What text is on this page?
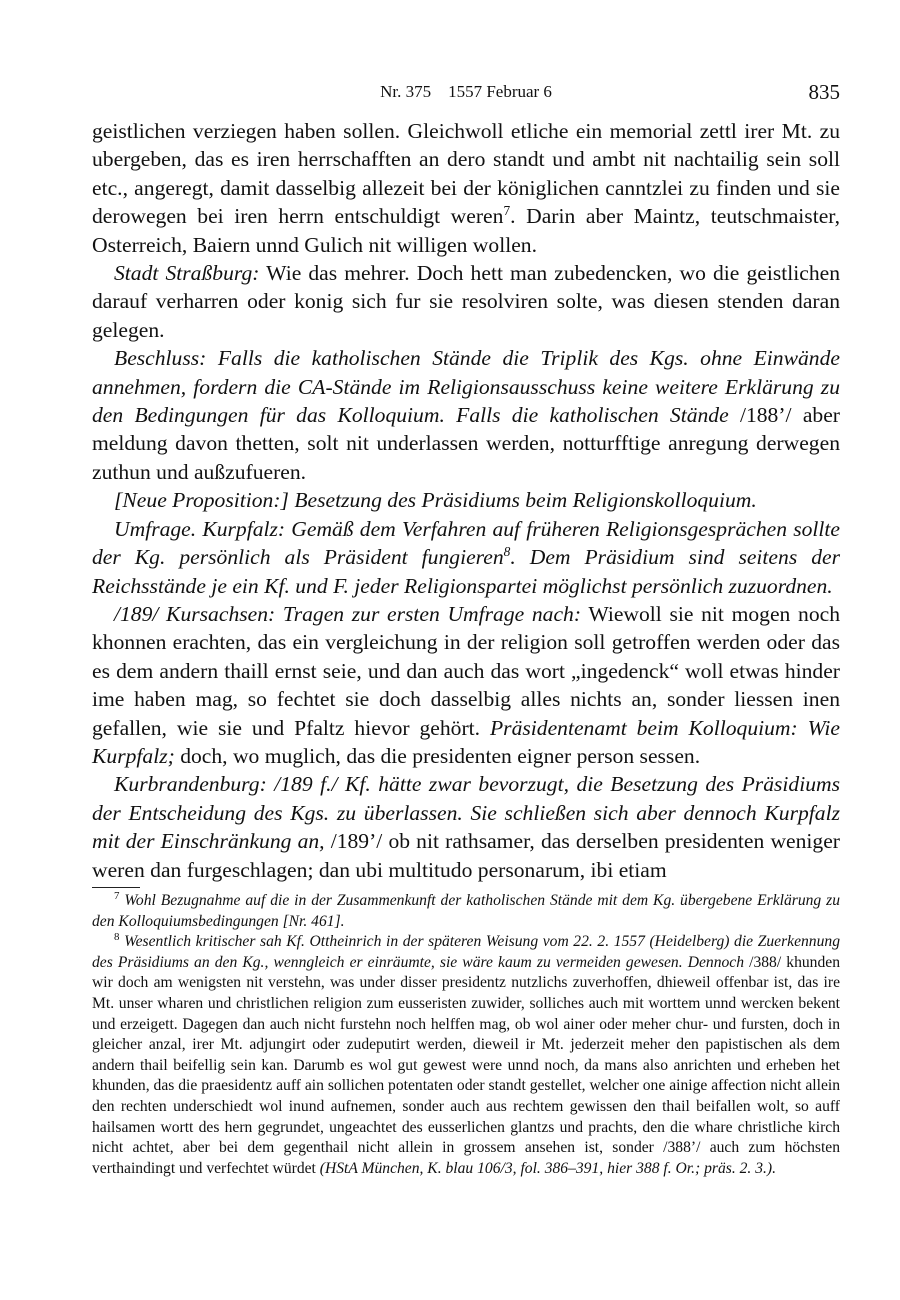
Nr. 375    1557 Februar 6	835

geistlichen verziegen haben sollen. Gleichwoll etliche ein memorial zettl irer Mt. zu ubergeben, das es iren herrschafften an dero standt und ambt nit nachtailig sein soll etc., angeregt, damit dasselbig allezeit bei der königlichen canntzlei zu finden und sie derowegen bei iren herrn entschuldigt weren$^7$. Darin aber Maintz, teutschmaister, Osterreich, Baiern unnd Gulich nit willigen wollen.

Stadt Straßburg: Wie das mehrer. Doch hett man zubedencken, wo die geistlichen darauf verharren oder konig sich fur sie resolviren solte, was diesen stenden daran gelegen.

Beschluss: Falls die katholischen Stände die Triplik des Kgs. ohne Einwände annehmen, fordern die CA-Stände im Religionsausschuss keine weitere Erklärung zu den Bedingungen für das Kolloquium. Falls die katholischen Stände /188’/ aber meldung davon thetten, solt nit underlassen werden, notturfftige anregung derwegen zuthun und außzufueren.

[Neue Proposition:] Besetzung des Präsidiums beim Religionskolloquium.

Umfrage. Kurpfalz: Gemäß dem Verfahren auf früheren Religionsgesprächen sollte der Kg. persönlich als Präsident fungieren$^8$. Dem Präsidium sind seitens der Reichsstände je ein Kf. und F. jeder Religionspartei möglichst persönlich zuzuordnen.

/189/ Kursachsen: Tragen zur ersten Umfrage nach: Wiewoll sie nit mogen noch khonnen erachten, das ein vergleichung in der religion soll getroffen werden oder das es dem andern thaill ernst seie, und dan auch das wort „ingedenck“ woll etwas hinder ime haben mag, so fechtet sie doch dasselbig alles nichts an, sonder liessen inen gefallen, wie sie und Pfaltz hievor gehört. Präsidentenamt beim Kolloquium: Wie Kurpfalz; doch, wo muglich, das die presidenten eigner person sessen.

Kurbrandenburg: /189 f./ Kf. hätte zwar bevorzugt, die Besetzung des Präsidiums der Entscheidung des Kgs. zu überlassen. Sie schließen sich aber dennoch Kurpfalz mit der Einschränkung an, /189’/ ob nit rathsamer, das derselben presidenten weniger weren dan furgeschlagen; dan ubi multitudo personarum, ibi etiam

$^7$ Wohl Bezugnahme auf die in der Zusammenkunft der katholischen Stände mit dem Kg. übergebene Erklärung zu den Kolloquiumsbedingungen [Nr. 461].

$^8$ Wesentlich kritischer sah Kf. Ottheinrich in der späteren Weisung vom 22. 2. 1557 (Heidelberg) die Zuerkennung des Präsidiums an den Kg., wenngleich er einräumte, sie wäre kaum zu vermeiden gewesen. Dennoch /388/ khunden wir doch am wenigsten nit verstehn, was under disser presidentz nutzlichs zuverhoffen, dhieweil offenbar ist, das ire Mt. unser wharen und christlichen religion zum eusseristen zuwider, solliches auch mit worttem unnd wercken bekent und erzeigett. Dagegen dan auch nicht furstehn noch helffen mag, ob wol ainer oder meher chur- und fursten, doch in gleicher anzal, irer Mt. adjungirt oder zudeputirt werden, dieweil ir Mt. jederzeit meher den papistischen als dem andern thail beifellig sein kan. Darumb es wol gut gewest were unnd noch, da mans also anrichten und erheben het khunden, das die praesidentz auff ain sollichen potentaten oder standt gestellet, welcher one ainige affection nicht allein den rechten underschiedt wol inund aufnemen, sonder auch aus rechtem gewissen den thail beifallen wolt, so auff hailsamen wortt des hern gegrundet, ungeachtet des eusserlichen glantzs und prachts, den die whare christliche kirch nicht achtet, aber bei dem gegenthail nicht allein in grossem ansehen ist, sonder /388’/ auch zum höchsten verthaindingt und verfechtet würdet (HStA München, K. blau 106/3, fol. 386–391, hier 388 f. Or.; präs. 2. 3.).
